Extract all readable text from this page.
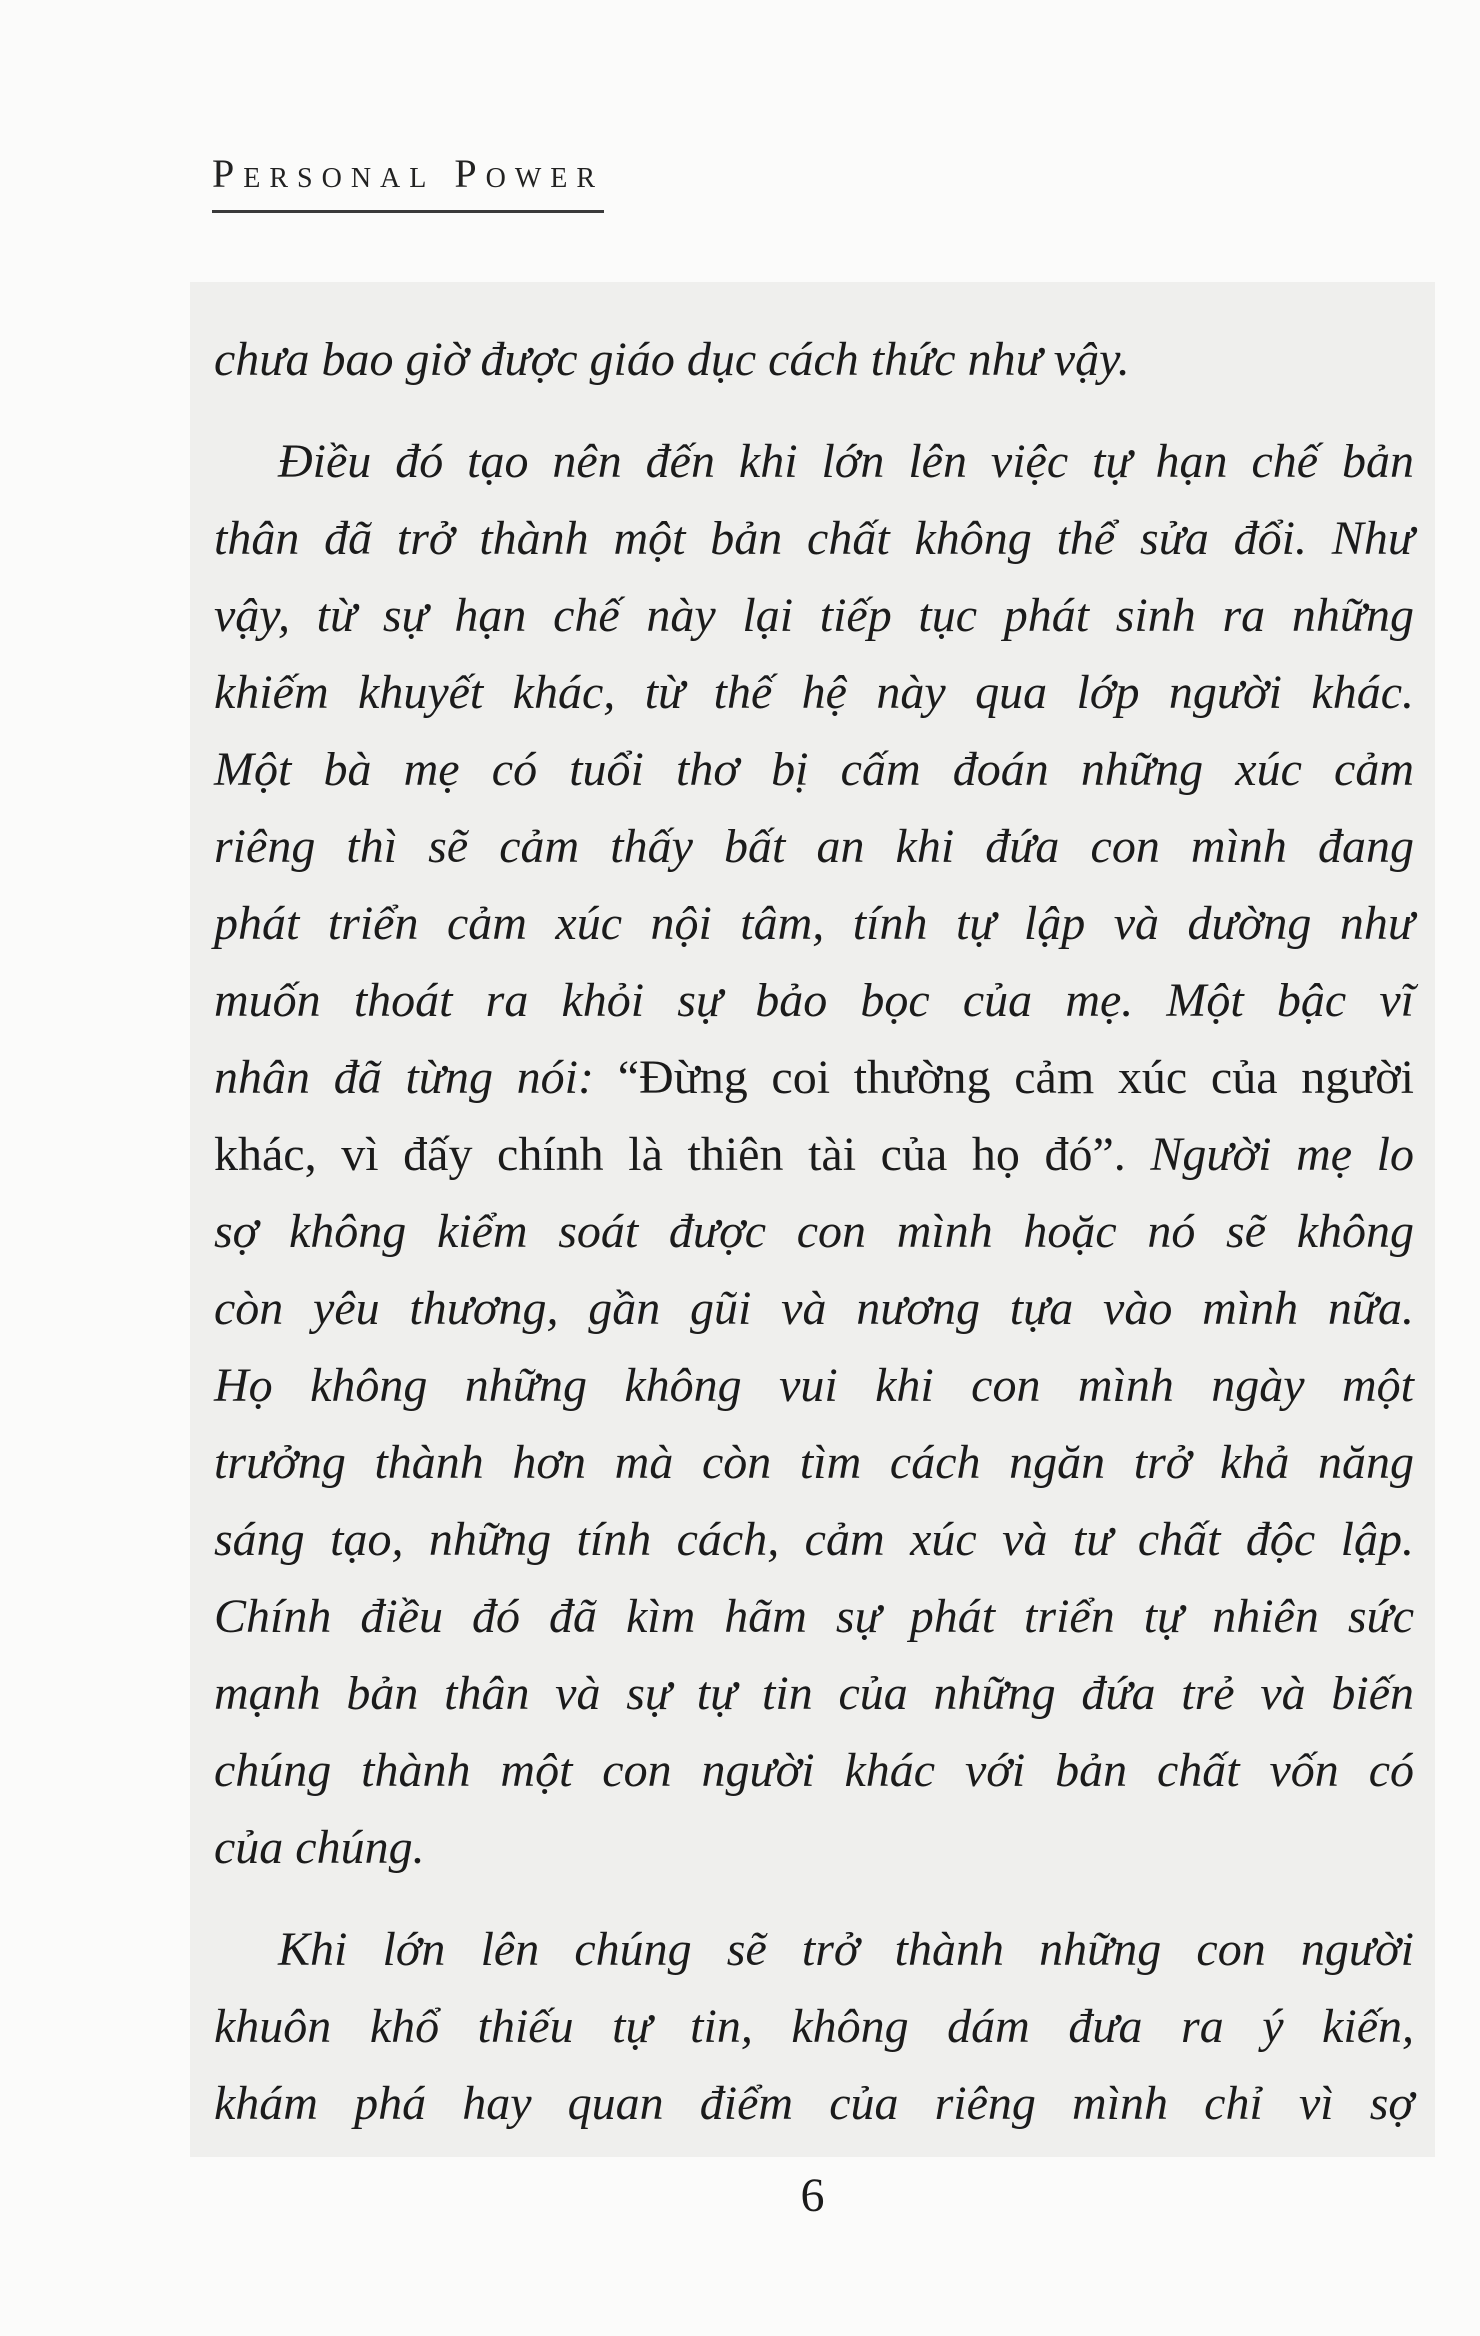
Personal Power
chưa bao giờ được giáo dục cách thức như vậy.
Điều đó tạo nên đến khi lớn lên việc tự hạn chế bản
thân đã trở thành một bản chất không thể sửa đổi. Như
vậy, từ sự hạn chế này lại tiếp tục phát sinh ra những
khiếm khuyết khác, từ thế hệ này qua lớp người khác.
Một bà mẹ có tuổi thơ bị cấm đoán những xúc cảm
riêng thì sẽ cảm thấy bất an khi đứa con mình đang
phát triển cảm xúc nội tâm, tính tự lập và dường như
muốn thoát ra khỏi sự bảo bọc của mẹ. Một bậc vĩ
nhân đã từng nói: “Đừng coi thường cảm xúc của người
khác, vì đấy chính là thiên tài của họ đó”. Người mẹ lo
sợ không kiểm soát được con mình hoặc nó sẽ không
còn yêu thương, gần gũi và nương tựa vào mình nữa.
Họ không những không vui khi con mình ngày một
trưởng thành hơn mà còn tìm cách ngăn trở khả năng
sáng tạo, những tính cách, cảm xúc và tư chất độc lập.
Chính điều đó đã kìm hãm sự phát triển tự nhiên sức
mạnh bản thân và sự tự tin của những đứa trẻ và biến
chúng thành một con người khác với bản chất vốn có
của chúng.
Khi lớn lên chúng sẽ trở thành những con người
khuôn khổ thiếu tự tin, không dám đưa ra ý kiến,
khám phá hay quan điểm của riêng mình chỉ vì sợ
6
